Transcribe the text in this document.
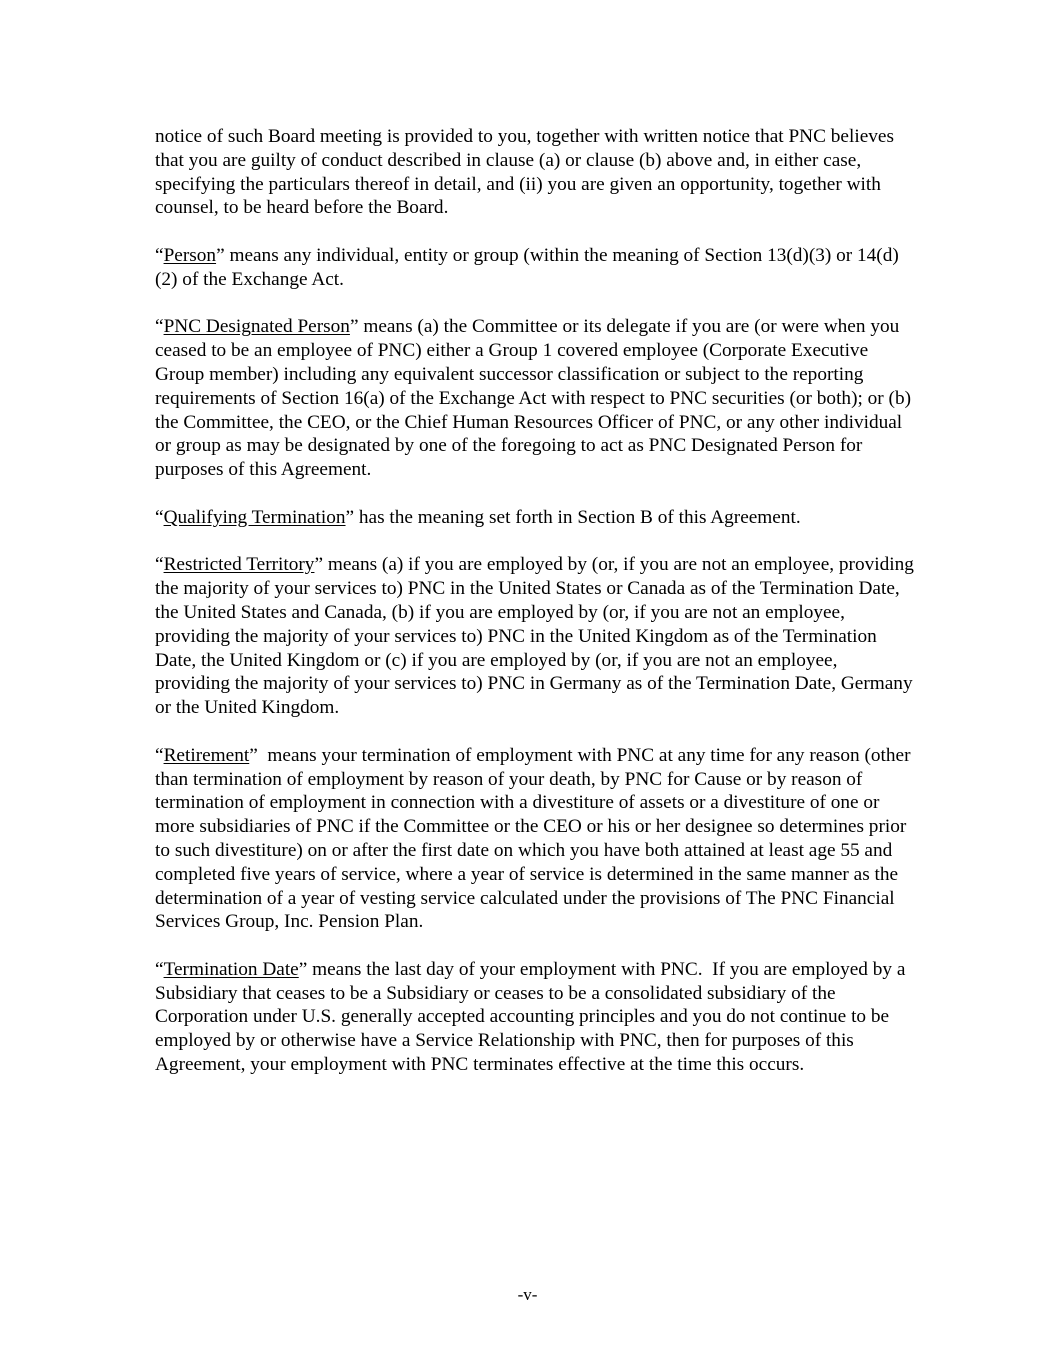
notice of such Board meeting is provided to you, together with written notice that PNC believes that you are guilty of conduct described in clause (a) or clause (b) above and, in either case, specifying the particulars thereof in detail, and (ii) you are given an opportunity, together with counsel, to be heard before the Board.

“Person” means any individual, entity or group (within the meaning of Section 13(d)(3) or 14(d)(2) of the Exchange Act.

“PNC Designated Person” means (a) the Committee or its delegate if you are (or were when you ceased to be an employee of PNC) either a Group 1 covered employee (Corporate Executive Group member) including any equivalent successor classification or subject to the reporting requirements of Section 16(a) of the Exchange Act with respect to PNC securities (or both); or (b) the Committee, the CEO, or the Chief Human Resources Officer of PNC, or any other individual or group as may be designated by one of the foregoing to act as PNC Designated Person for purposes of this Agreement.

“Qualifying Termination” has the meaning set forth in Section B of this Agreement.

“Restricted Territory” means (a) if you are employed by (or, if you are not an employee, providing the majority of your services to) PNC in the United States or Canada as of the Termination Date, the United States and Canada, (b) if you are employed by (or, if you are not an employee, providing the majority of your services to) PNC in the United Kingdom as of the Termination Date, the United Kingdom or (c) if you are employed by (or, if you are not an employee, providing the majority of your services to) PNC in Germany as of the Termination Date, Germany or the United Kingdom.

“Retirement”  means your termination of employment with PNC at any time for any reason (other than termination of employment by reason of your death, by PNC for Cause or by reason of termination of employment in connection with a divestiture of assets or a divestiture of one or more subsidiaries of PNC if the Committee or the CEO or his or her designee so determines prior to such divestiture) on or after the first date on which you have both attained at least age 55 and completed five years of service, where a year of service is determined in the same manner as the determination of a year of vesting service calculated under the provisions of The PNC Financial Services Group, Inc. Pension Plan.

“Termination Date” means the last day of your employment with PNC.  If you are employed by a Subsidiary that ceases to be a Subsidiary or ceases to be a consolidated subsidiary of the Corporation under U.S. generally accepted accounting principles and you do not continue to be employed by or otherwise have a Service Relationship with PNC, then for purposes of this Agreement, your employment with PNC terminates effective at the time this occurs.

-v-
